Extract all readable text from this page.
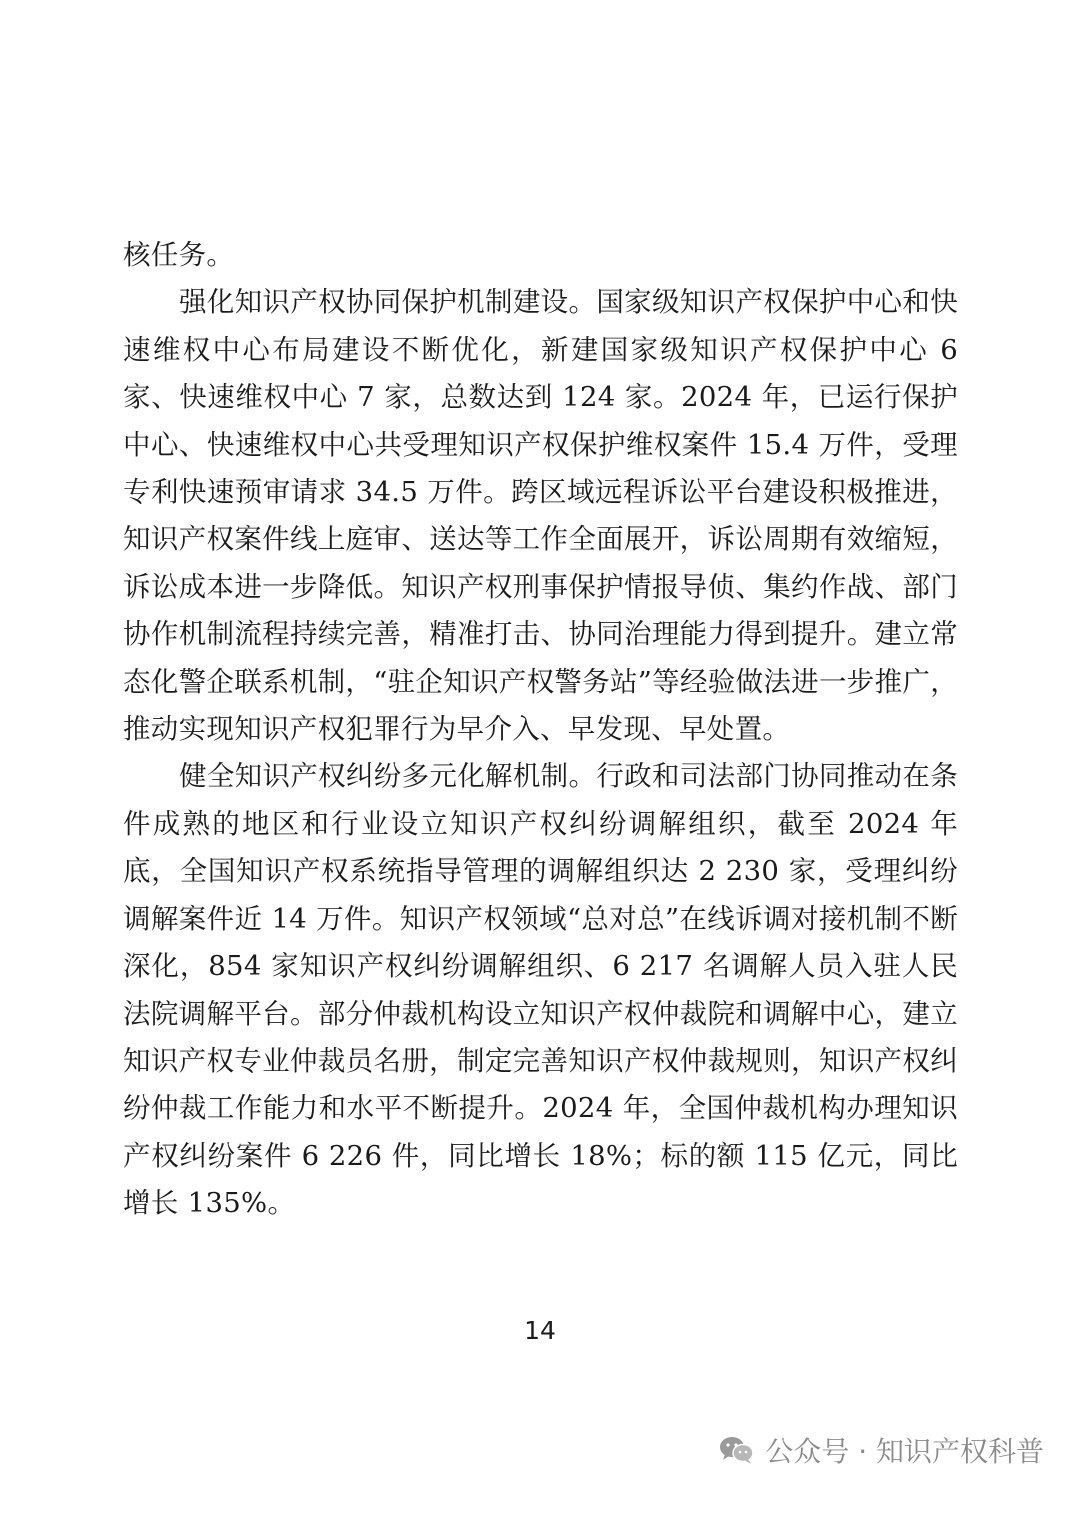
核任务。

强化知识产权协同保护机制建设。国家级知识产权保护中心和快速维权中心布局建设不断优化，新建国家级知识产权保护中心 6 家、快速维权中心 7 家，总数达到 124 家。2024 年，已运行保护中心、快速维权中心共受理知识产权保护维权案件 15.4 万件，受理专利快速预审请求 34.5 万件。跨区域远程诉讼平台建设积极推进，知识产权案件线上庭审、送达等工作全面展开，诉讼周期有效缩短，诉讼成本进一步降低。知识产权刑事保护情报导侦、集约作战、部门协作机制流程持续完善，精准打击、协同治理能力得到提升。建立常态化警企联系机制，“驻企知识产权警务站”等经验做法进一步推广，推动实现知识产权犯罪行为早介入、早发现、早处置。

健全知识产权纠纷多元化解机制。行政和司法部门协同推动在条件成熟的地区和行业设立知识产权纠纷调解组织，截至 2024 年底，全国知识产权系统指导管理的调解组织达 2 230 家，受理纠纷调解案件近 14 万件。知识产权领域“总对总”在线诉调对接机制不断深化，854 家知识产权纠纷调解组织、6 217 名调解人员入驻人民法院调解平台。部分仲裁机构设立知识产权仲裁院和调解中心，建立知识产权专业仲裁员名册，制定完善知识产权仲裁规则，知识产权纠纷仲裁工作能力和水平不断提升。2024 年，全国仲裁机构办理知识产权纠纷案件 6 226 件，同比增长 18%；标的额 115 亿元，同比增长 135%。

14
公众号 · 知识产权科普
